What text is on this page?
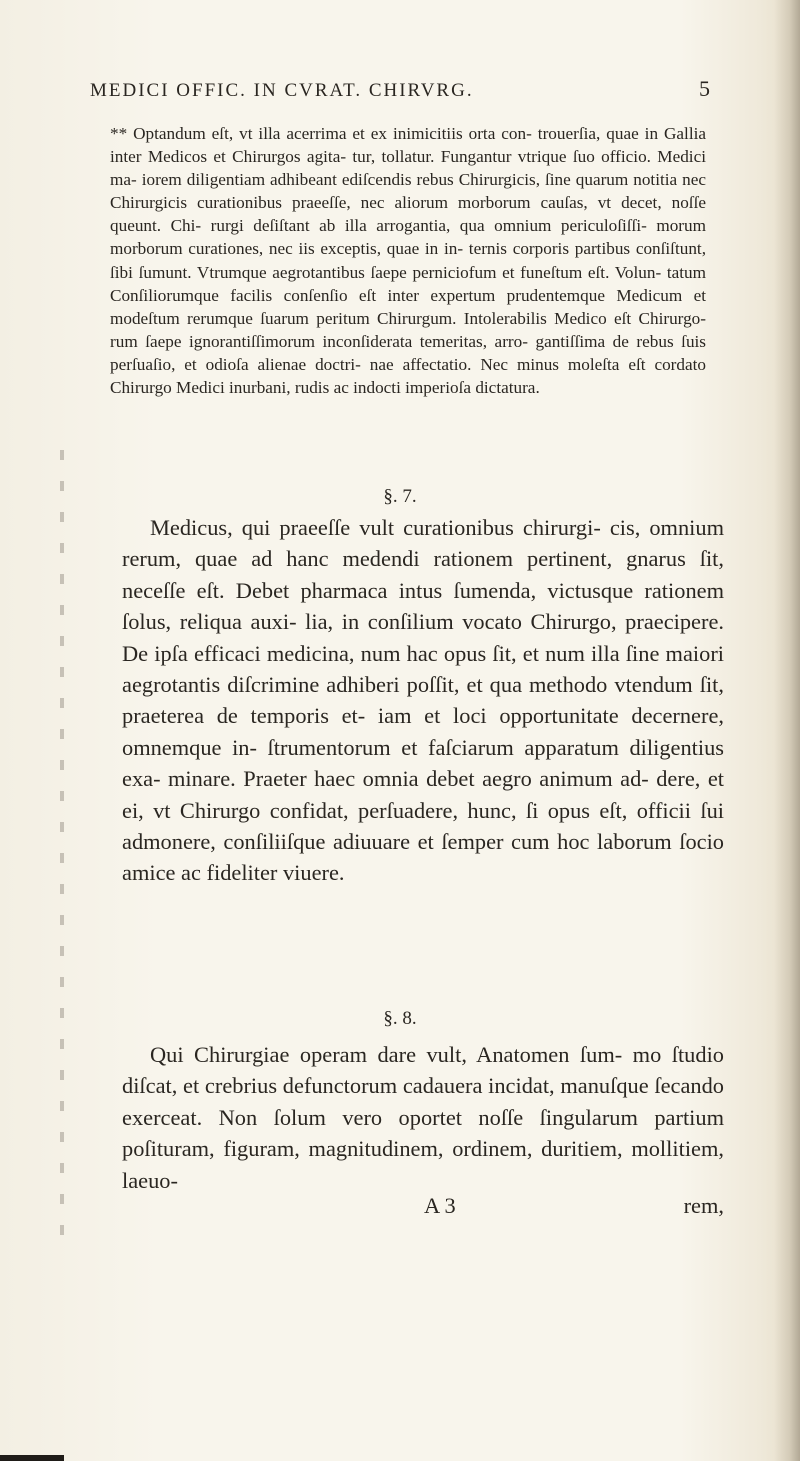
MEDICI OFFIC. IN CVRAT. CHIRVRG.	5

** Optandum eſt, vt illa acerrima et ex inimicitiis orta con- trouerſia, quae in Gallia inter Medicos et Chirurgos agita- tur, tollatur. Fungantur vtrique ſuo officio. Medici ma- iorem diligentiam adhibeant ediſcendis rebus Chirurgicis, ſine quarum notitia nec Chirurgicis curationibus praeeſſe, nec aliorum morborum cauſas, vt decet, noſſe queunt. Chi- rurgi deſiſtant ab illa arrogantia, qua omnium periculoſiſſi- morum morborum curationes, nec iis exceptis, quae in in- ternis corporis partibus conſiſtunt, ſibi ſumunt. Vtrumque aegrotantibus ſaepe perniciofum et funeſtum eſt. Volun- tatum Conſiliorumque facilis conſenſio eſt inter expertum prudentemque Medicum et modeſtum rerumque ſuarum peritum Chirurgum. Intolerabilis Medico eſt Chirurgo- rum ſaepe ignorantiſſimorum inconſiderata temeritas, arro- gantiſſima de rebus ſuis perſuaſio, et odioſa alienae doctri- nae affectatio. Nec minus moleſta eſt cordato Chirurgo Medici inurbani, rudis ac indocti imperioſa dictatura.

§. 7.

Medicus, qui praeeſſe vult curationibus chirurgi- cis, omnium rerum, quae ad hanc medendi rationem pertinent, gnarus ſit, neceſſe eſt. Debet pharmaca intus ſumenda, victusque rationem ſolus, reliqua auxi- lia, in conſilium vocato Chirurgo, praecipere. De ipſa efficaci medicina, num hac opus ſit, et num illa ſine maiori aegrotantis diſcrimine adhiberi poſſit, et qua methodo vtendum ſit, praeterea de temporis et- iam et loci opportunitate decernere, omnemque in- ſtrumentorum et faſciarum apparatum diligentius exa- minare. Praeter haec omnia debet aegro animum ad- dere, et ei, vt Chirurgo confidat, perſuadere, hunc, ſi opus eſt, officii ſui admonere, conſiliiſque adiuuare et ſemper cum hoc laborum ſocio amice ac fideliter viuere.

§. 8.

Qui Chirurgiae operam dare vult, Anatomen ſum- mo ſtudio diſcat, et crebrius defunctorum cadauera incidat, manuſque ſecando exerceat. Non ſolum vero oportet noſſe ſingularum partium poſituram, figuram, magnitudinem, ordinem, duritiem, mollitiem, laeuo-

A 3	rem,
